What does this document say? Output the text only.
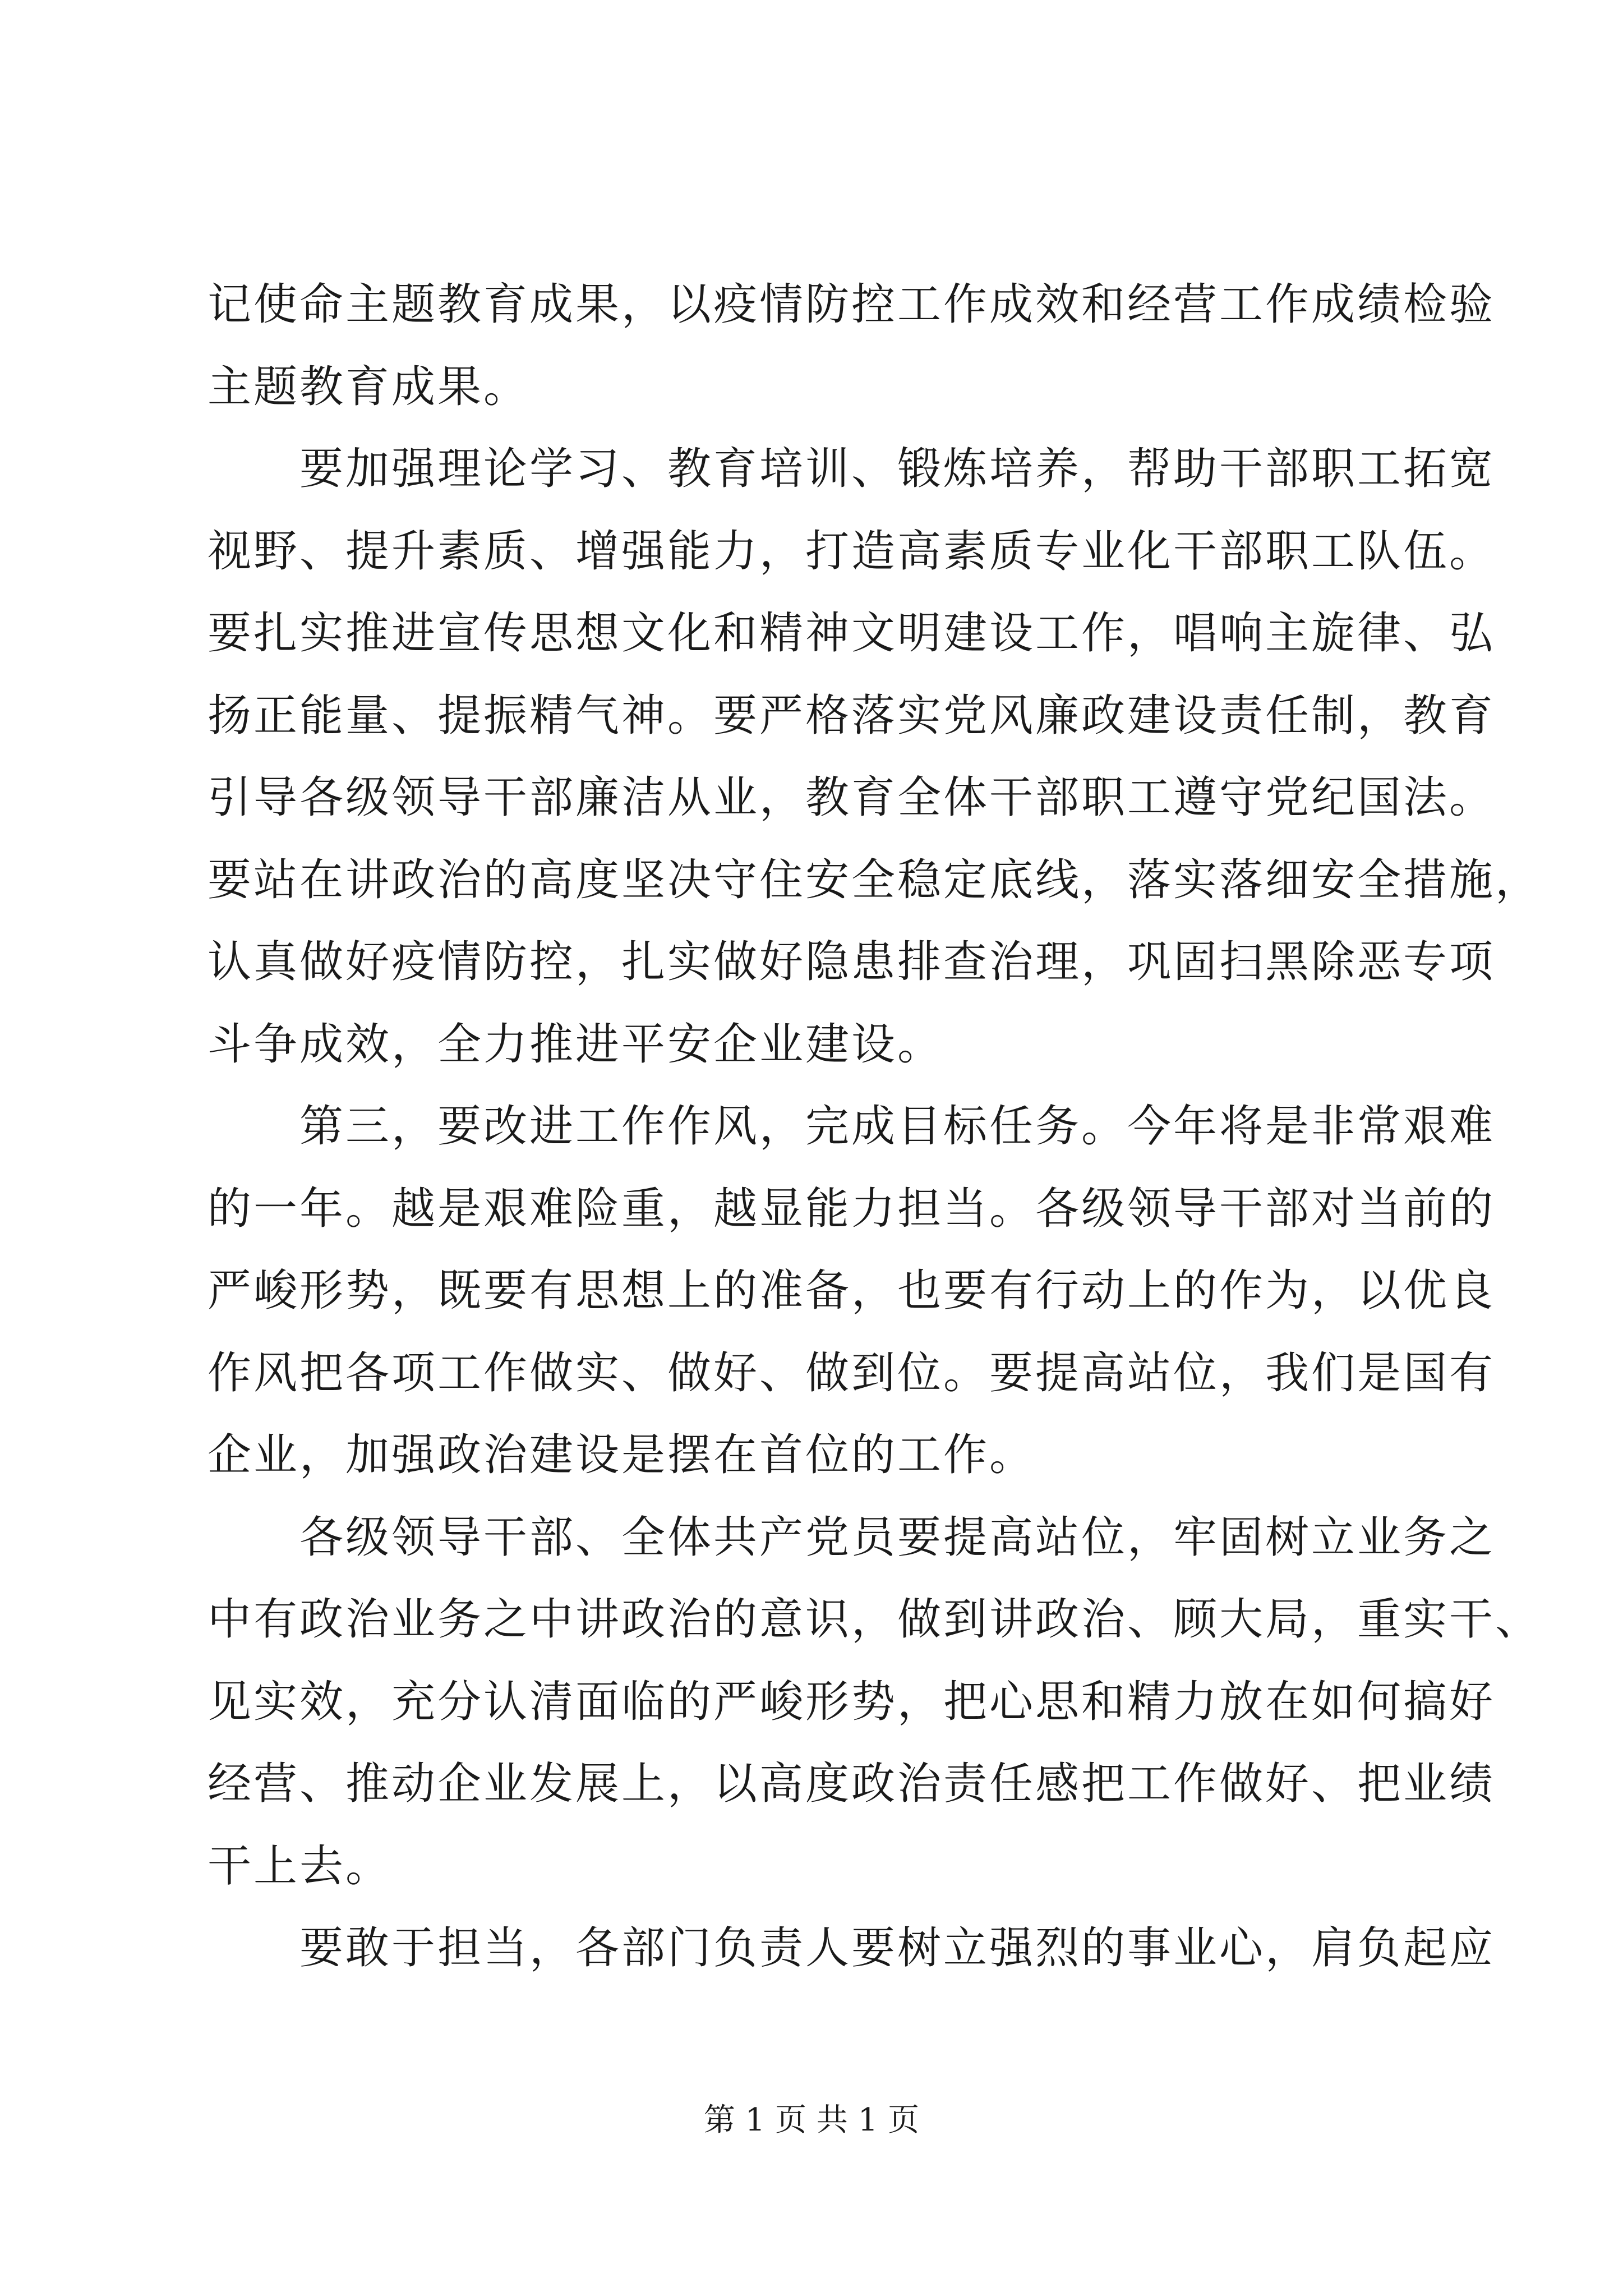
记使命主题教育成果，以疫情防控工作成效和经营工作成绩检验
主题教育成果。
要加强理论学习、教育培训、锻炼培养，帮助干部职工拓宽
视野、提升素质、增强能力，打造高素质专业化干部职工队伍。
要扎实推进宣传思想文化和精神文明建设工作，唱响主旋律、弘
扬正能量、提振精气神。要严格落实党风廉政建设责任制，教育
引导各级领导干部廉洁从业，教育全体干部职工遵守党纪国法。
要站在讲政治的高度坚决守住安全稳定底线，落实落细安全措施，
认真做好疫情防控，扎实做好隐患排查治理，巩固扫黑除恶专项
斗争成效，全力推进平安企业建设。
第三，要改进工作作风，完成目标任务。今年将是非常艰难
的一年。越是艰难险重，越显能力担当。各级领导干部对当前的
严峻形势，既要有思想上的准备，也要有行动上的作为，以优良
作风把各项工作做实、做好、做到位。要提高站位，我们是国有
企业，加强政治建设是摆在首位的工作。
各级领导干部、全体共产党员要提高站位，牢固树立业务之
中有政治业务之中讲政治的意识，做到讲政治、顾大局，重实干、
见实效，充分认清面临的严峻形势，把心思和精力放在如何搞好
经营、推动企业发展上，以高度政治责任感把工作做好、把业绩
干上去。
要敢于担当，各部门负责人要树立强烈的事业心，肩负起应
第 1 页 共 1 页
